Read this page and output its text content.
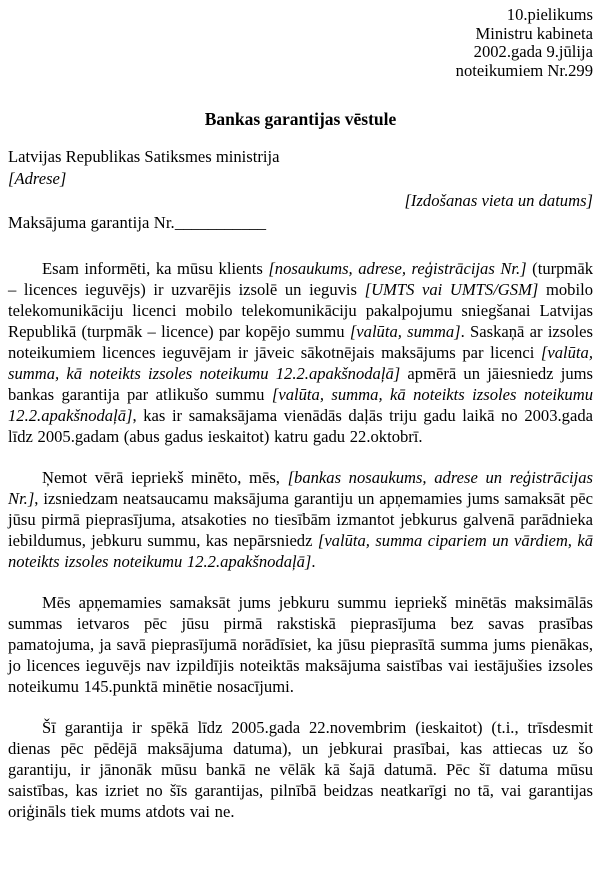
10.pielikums
Ministru kabineta
2002.gada 9.jūlija
noteikumiem Nr.299
Bankas garantijas vēstule
Latvijas Republikas Satiksmes ministrija
[Adrese]
[Izdošanas vieta un datums]
Maksājuma garantija Nr.___________

Esam informēti, ka mūsu klients [nosaukums, adrese, reģistrācijas Nr.] (turpmāk – licences ieguvējs) ir uzvarējis izsolē un ieguvis [UMTS vai UMTS/GSM] mobilo telekomunikāciju licenci mobilo telekomunikāciju pakalpojumu sniegšanai Latvijas Republikā (turpmāk – licence) par kopējo summu [valūta, summa]. Saskaņā ar izsoles noteikumiem licences ieguvējam ir jāveic sākotnējais maksājums par licenci [valūta, summa, kā noteikts izsoles noteikumu 12.2.apakšnodaļā] apmērā un jāiesniedz jums bankas garantija par atlikušo summu [valūta, summa, kā noteikts izsoles noteikumu 12.2.apakšnodaļā], kas ir samaksājama vienādās daļās triju gadu laikā no 2003.gada līdz 2005.gadam (abus gadus ieskaitot) katru gadu 22.oktobrī.

Ņemot vērā iepriekš minēto, mēs, [bankas nosaukums, adrese un reģistrācijas Nr.], izsniedzam neatsaucamu maksājuma garantiju un apņemamies jums samaksāt pēc jūsu pirmā pieprasījuma, atsakoties no tiesībām izmantot jebkurus galvenā parādnieka iebildumus, jebkuru summu, kas nepārsniedz [valūta, summa cipariem un vārdiem, kā noteikts izsoles noteikumu 12.2.apakšnodaļā].

Mēs apņemamies samaksāt jums jebkuru summu iepriekš minētās maksimālās summas ietvaros pēc jūsu pirmā rakstiskā pieprasījuma bez savas prasības pamatojuma, ja savā pieprasījumā norādīsiet, ka jūsu pieprasītā summa jums pienākas, jo licences ieguvējs nav izpildījis noteiktās maksājuma saistības vai iestājušies izsoles noteikumu 145.punktā minētie nosacījumi.

Šī garantija ir spēkā līdz 2005.gada 22.novembrim (ieskaitot) (t.i., trīsdesmit dienas pēc pēdējā maksājuma datuma), un jebkurai prasībai, kas attiecas uz šo garantiju, ir jānonāk mūsu bankā ne vēlāk kā šajā datumā. Pēc šī datuma mūsu saistības, kas izriet no šīs garantijas, pilnībā beidzas neatkarīgi no tā, vai garantijas oriģināls tiek mums atdots vai ne.
